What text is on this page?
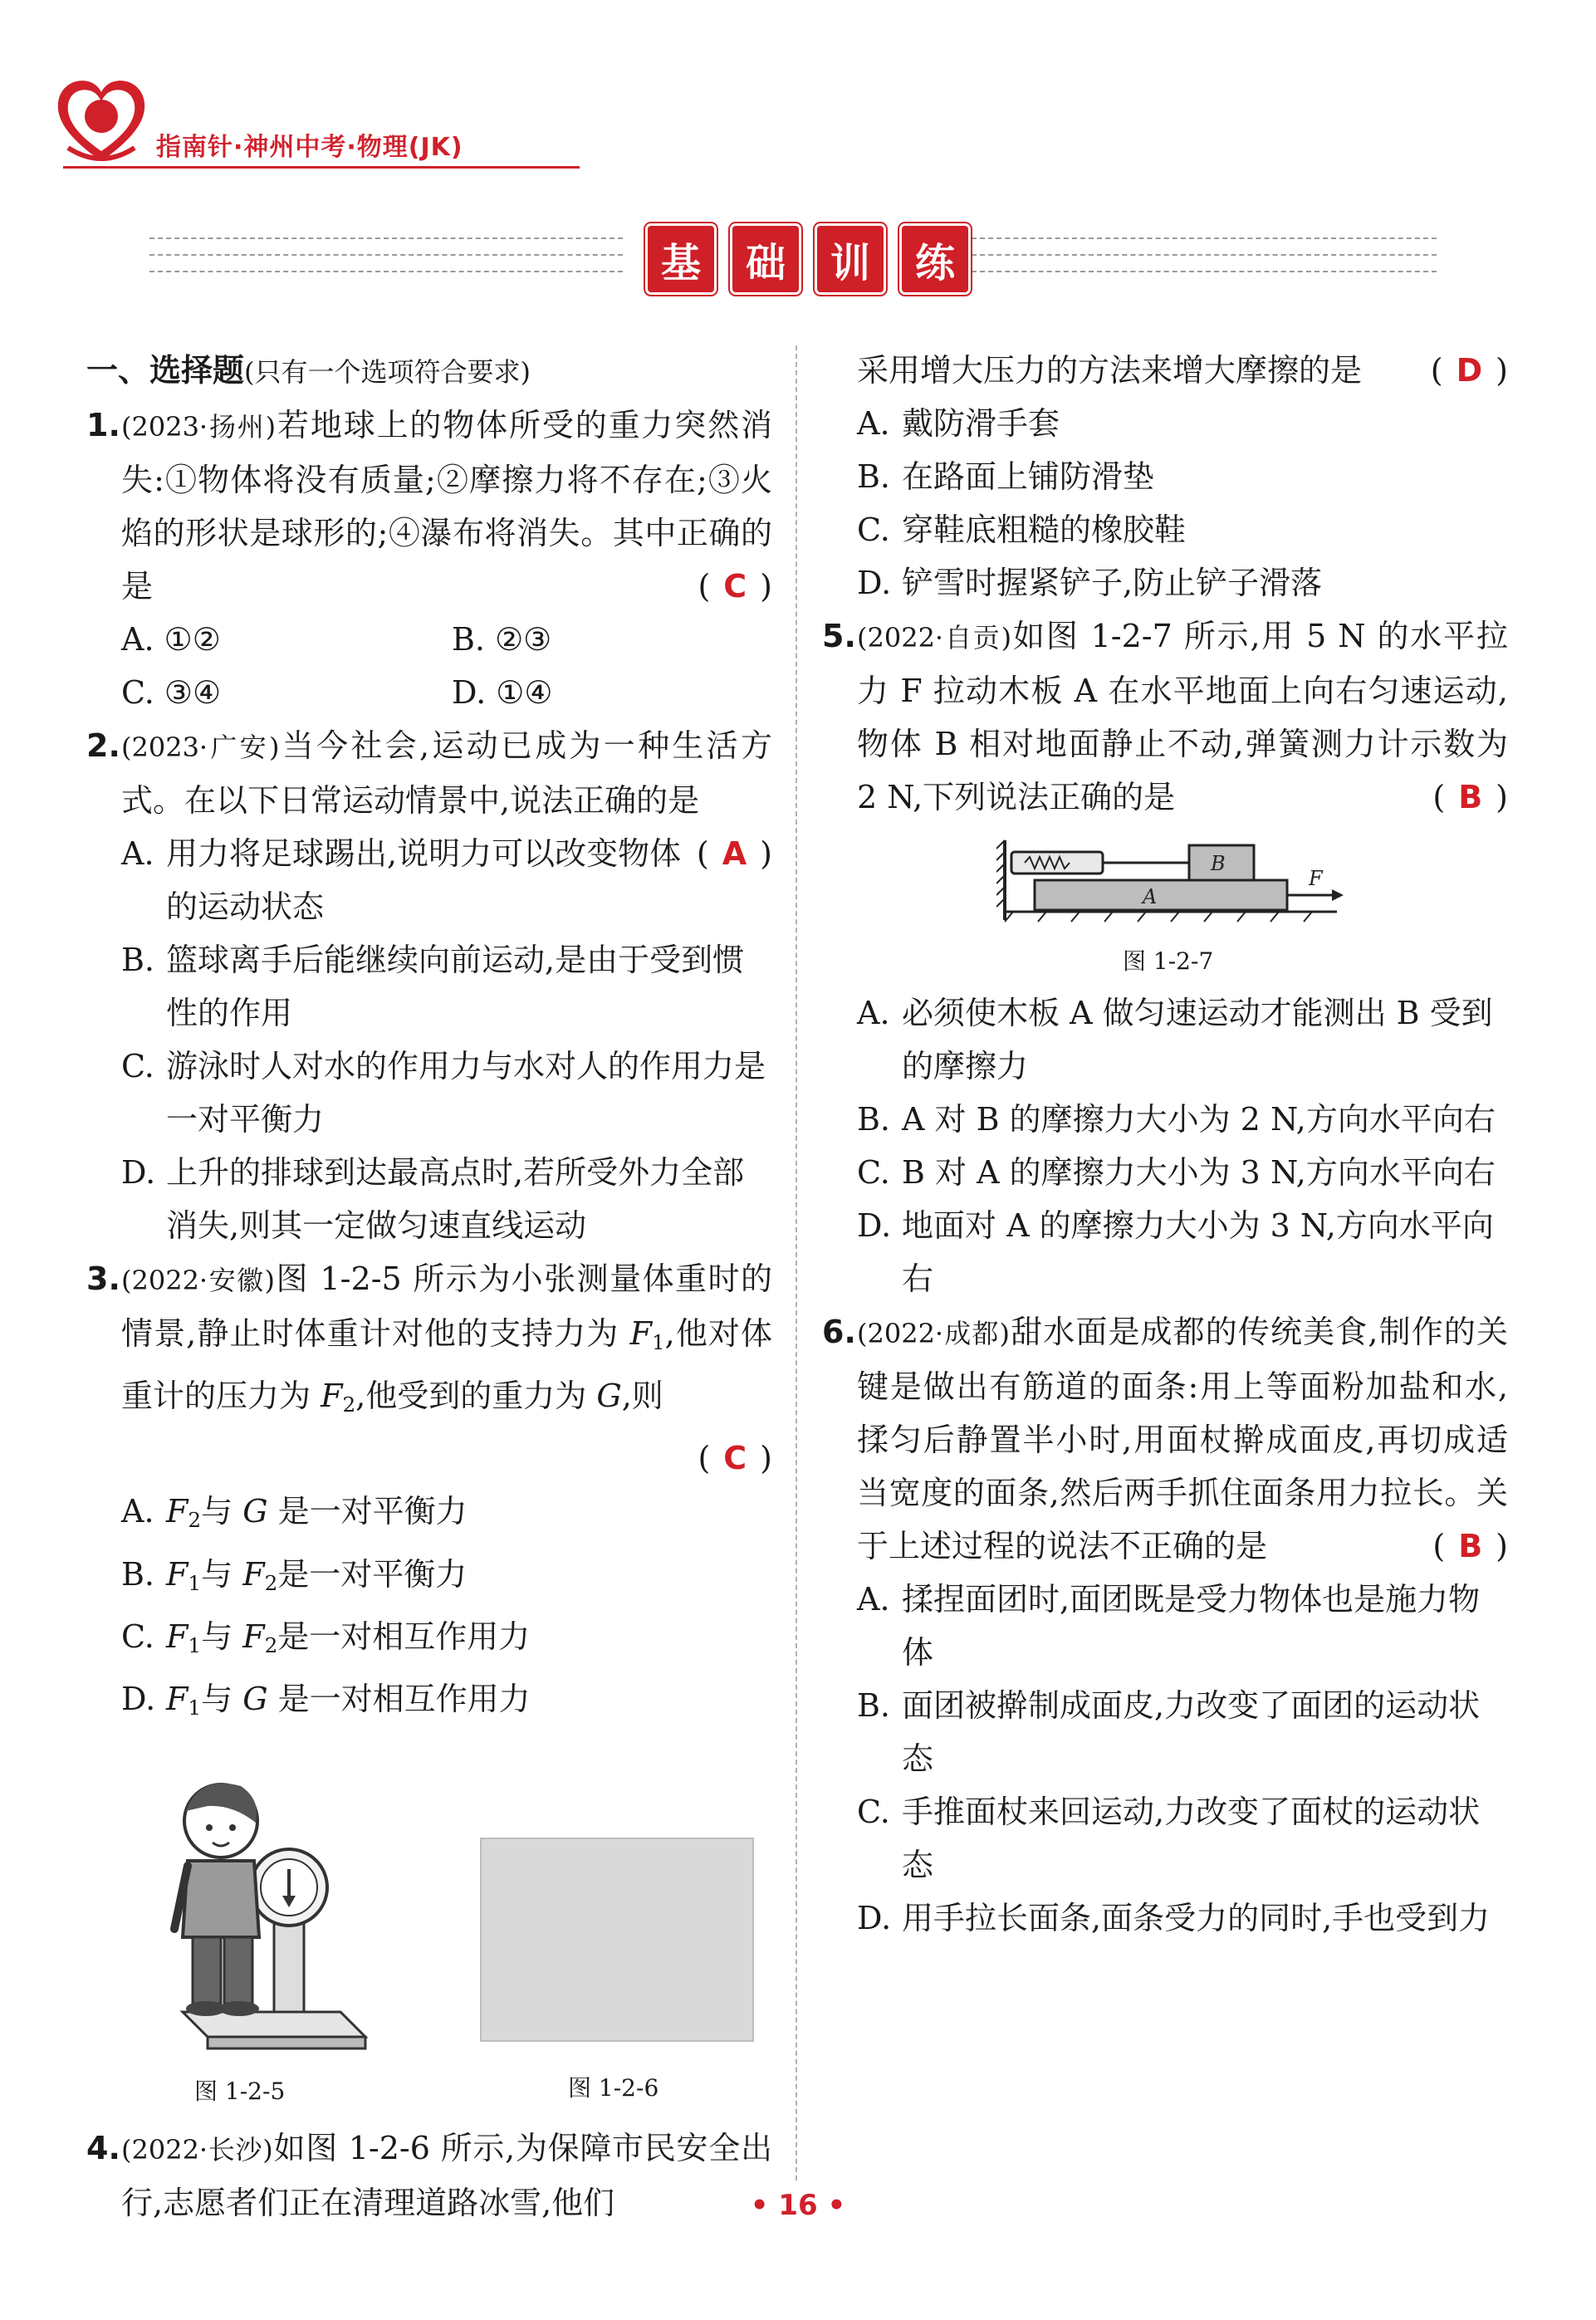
指南针·神州中考·物理(JK)
基	础	训	练
一、选择题(只有一个选项符合要求)
1. (2023·扬州)若地球上的物体所受的重力突然消失:①物体将没有质量;②摩擦力将不存在;③火焰的形状是球形的;④瀑布将消失。其中正确的是	( C )
A. ①②	B. ②③
C. ③④	D. ①④
2. (2023·广安)当今社会,运动已成为一种生活方式。在以下日常运动情景中,说法正确的是
( A )
A. 用力将足球踢出,说明力可以改变物体的运动状态
B. 篮球离手后能继续向前运动,是由于受到惯性的作用
C. 游泳时人对水的作用力与水对人的作用力是一对平衡力
D. 上升的排球到达最高点时,若所受外力全部消失,则其一定做匀速直线运动
3. (2022·安徽)图 1-2-5 所示为小张测量体重时的情景,静止时体重计对他的支持力为 $F_1$,他对体重计的压力为 $F_2$,他受到的重力为 G,则
( C )
A. $F_2$与 G 是一对平衡力
B. $F_1$与 $F_2$是一对平衡力
C. $F_1$与 $F_2$是一对相互作用力
D. $F_1$与 G 是一对相互作用力
图 1-2-5	图 1-2-6
4. (2022·长沙)如图 1-2-6 所示,为保障市民安全出行,志愿者们正在清理道路冰雪,他们
采用增大压力的方法来增大摩擦的是 ( D )
A. 戴防滑手套
B. 在路面上铺防滑垫
C. 穿鞋底粗糙的橡胶鞋
D. 铲雪时握紧铲子,防止铲子滑落
5. (2022·自贡)如图 1-2-7 所示,用 5 N 的水平拉力 F 拉动木板 A 在水平地面上向右匀速运动,物体 B 相对地面静止不动,弹簧测力计示数为 2 N,下列说法正确的是	( B )
B
A
F
图 1-2-7
A. 必须使木板 A 做匀速运动才能测出 B 受到的摩擦力
B. A 对 B 的摩擦力大小为 2 N,方向水平向右
C. B 对 A 的摩擦力大小为 3 N,方向水平向右
D. 地面对 A 的摩擦力大小为 3 N,方向水平向右
6. (2022·成都)甜水面是成都的传统美食,制作的关键是做出有筋道的面条:用上等面粉加盐和水,揉匀后静置半小时,用面杖擀成面皮,再切成适当宽度的面条,然后两手抓住面条用力拉长。关于上述过程的说法不正确的是	( B )
A. 揉捏面团时,面团既是受力物体也是施力物体
B. 面团被擀制成面皮,力改变了面团的运动状态
C. 手推面杖来回运动,力改变了面杖的运动状态
D. 用手拉长面条,面条受力的同时,手也受到力
• 16 •
